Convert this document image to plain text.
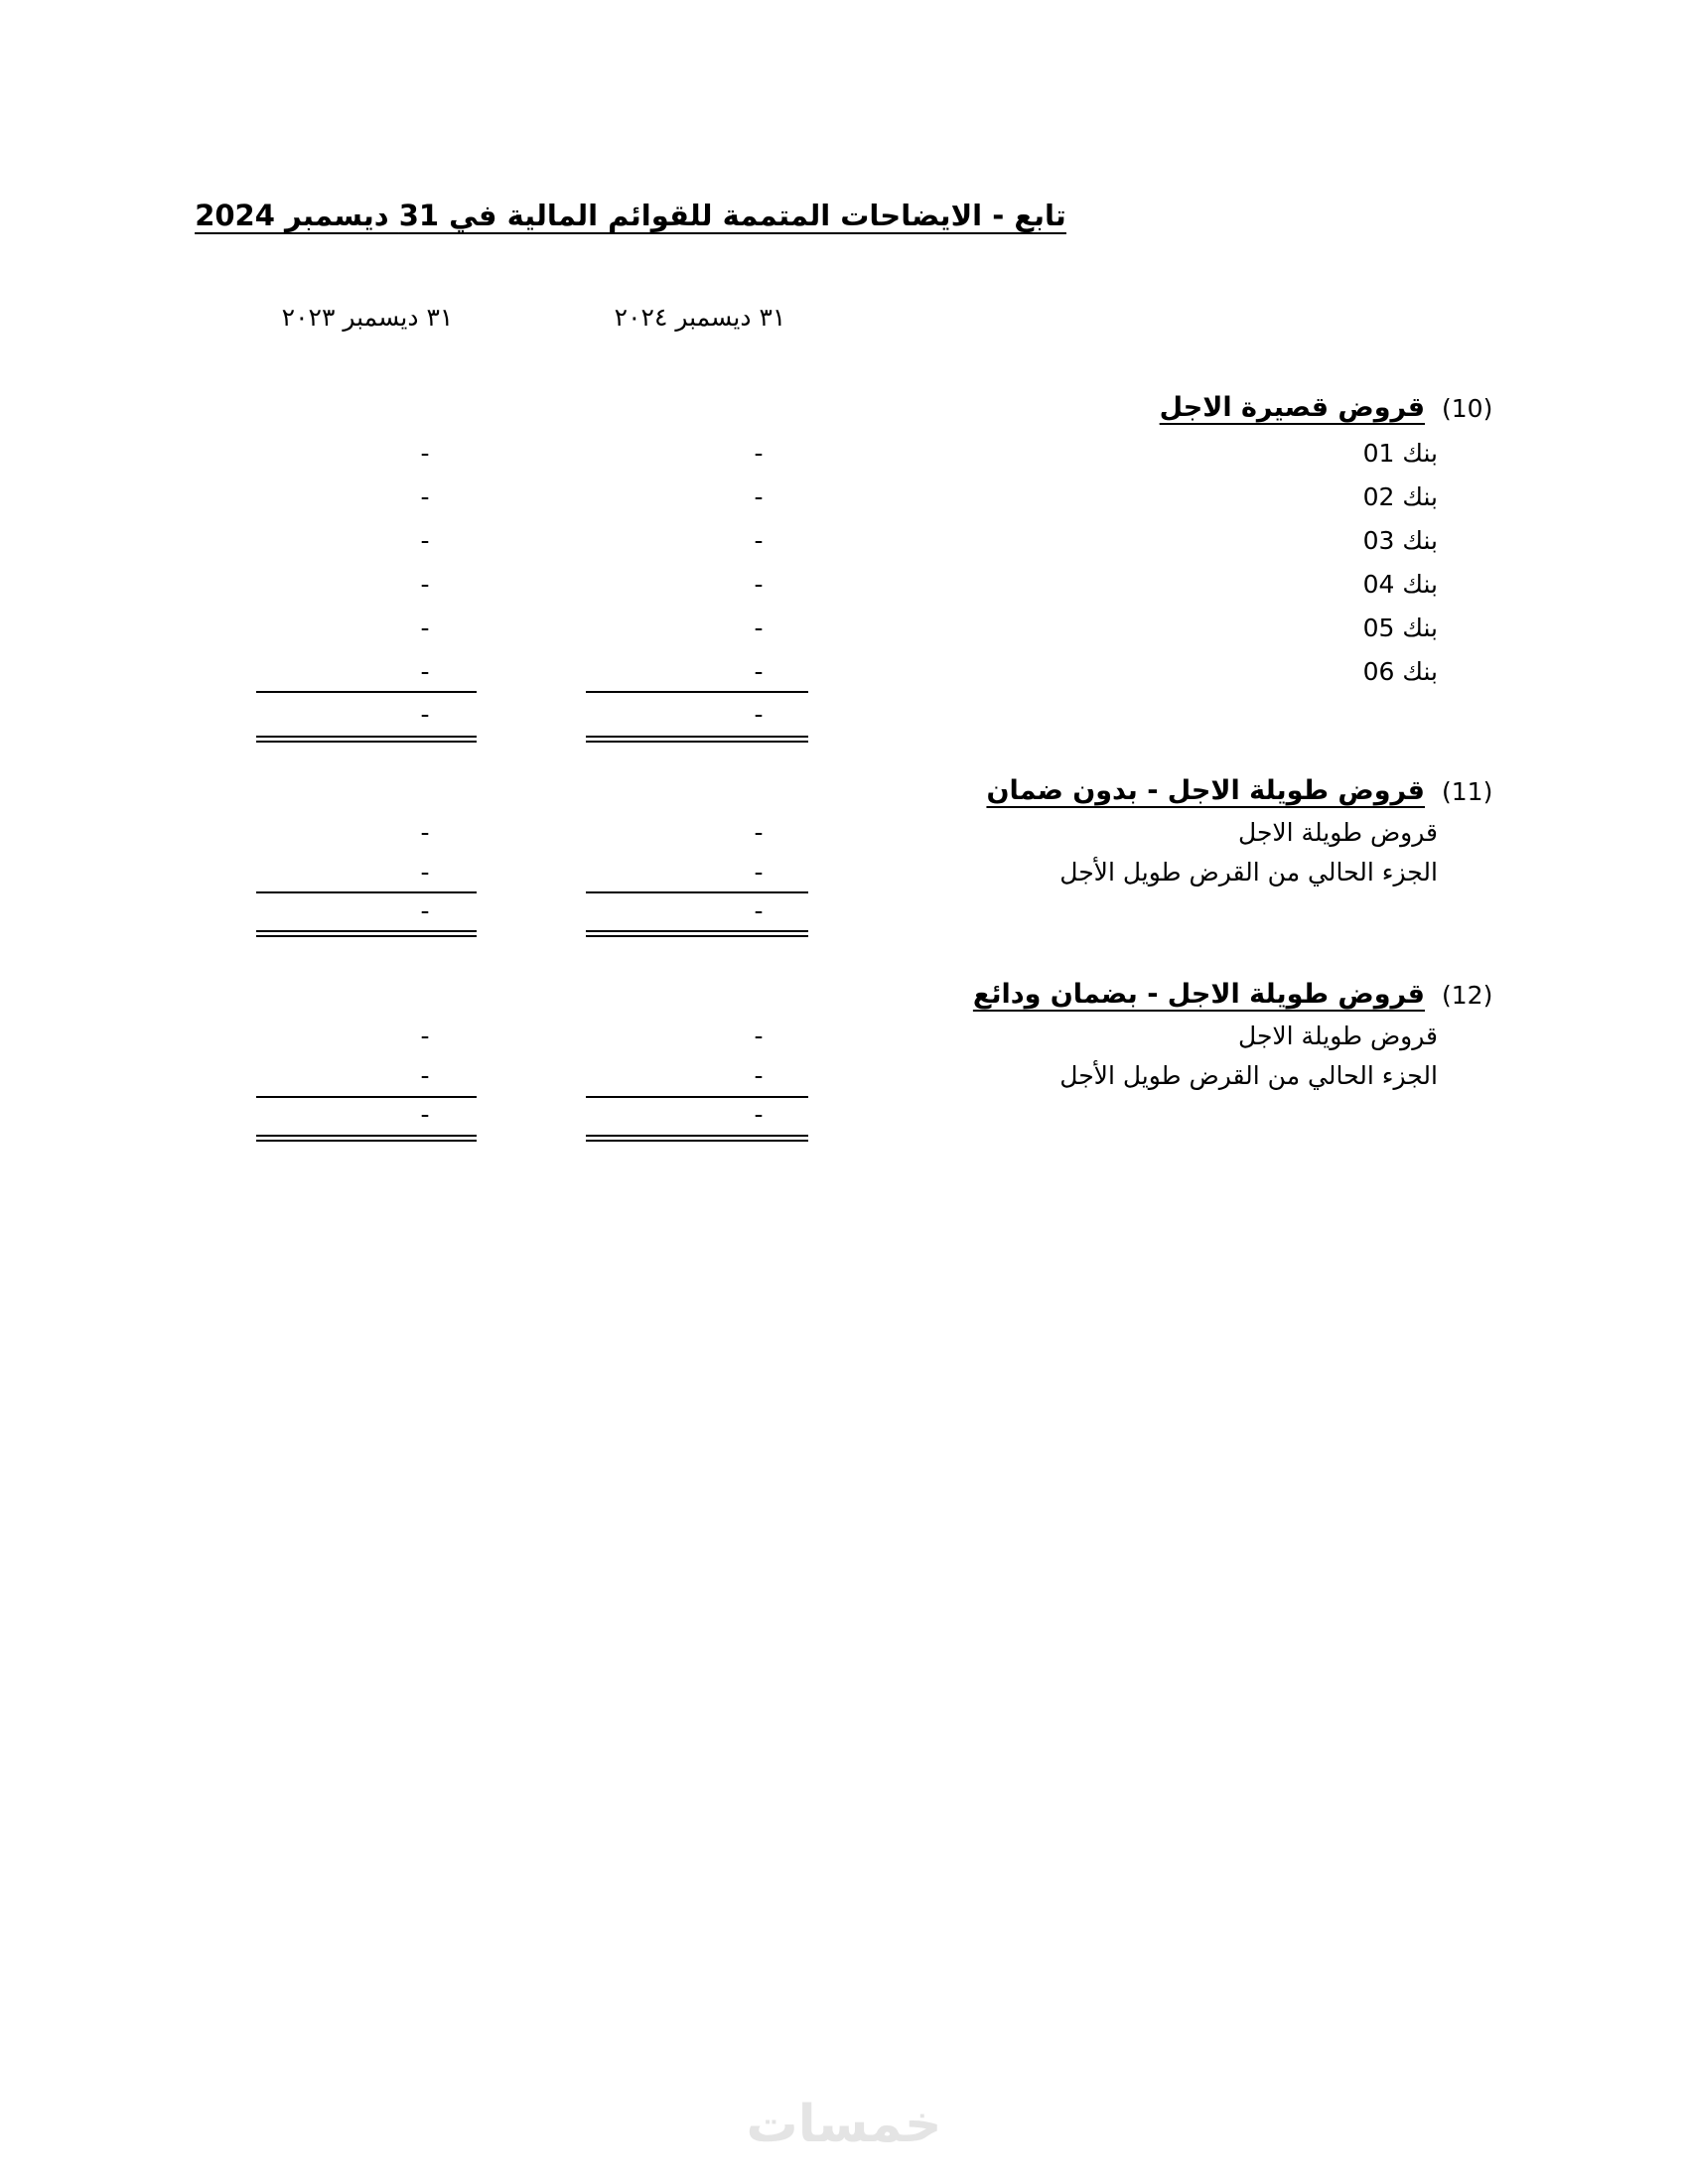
تابع - الايضاحات المتممة للقوائم المالية في 31 ديسمبر 2024
٣١ ديسمبر ٢٠٢٤
٣١ ديسمبر ٢٠٢٣
(10)
قروض قصيرة الاجل
بنك 01
-
-
بنك 02
-
-
بنك 03
-
-
بنك 04
-
-
بنك 05
-
-
بنك 06
-
-
-
-
(11)
قروض طويلة الاجل - بدون ضمان
قروض طويلة الاجل
-
-
الجزء الحالي من القرض طويل الأجل
-
-
-
-
(12)
قروض طويلة الاجل - بضمان ودائع
قروض طويلة الاجل
-
-
الجزء الحالي من القرض طويل الأجل
-
-
-
-
خمسات
